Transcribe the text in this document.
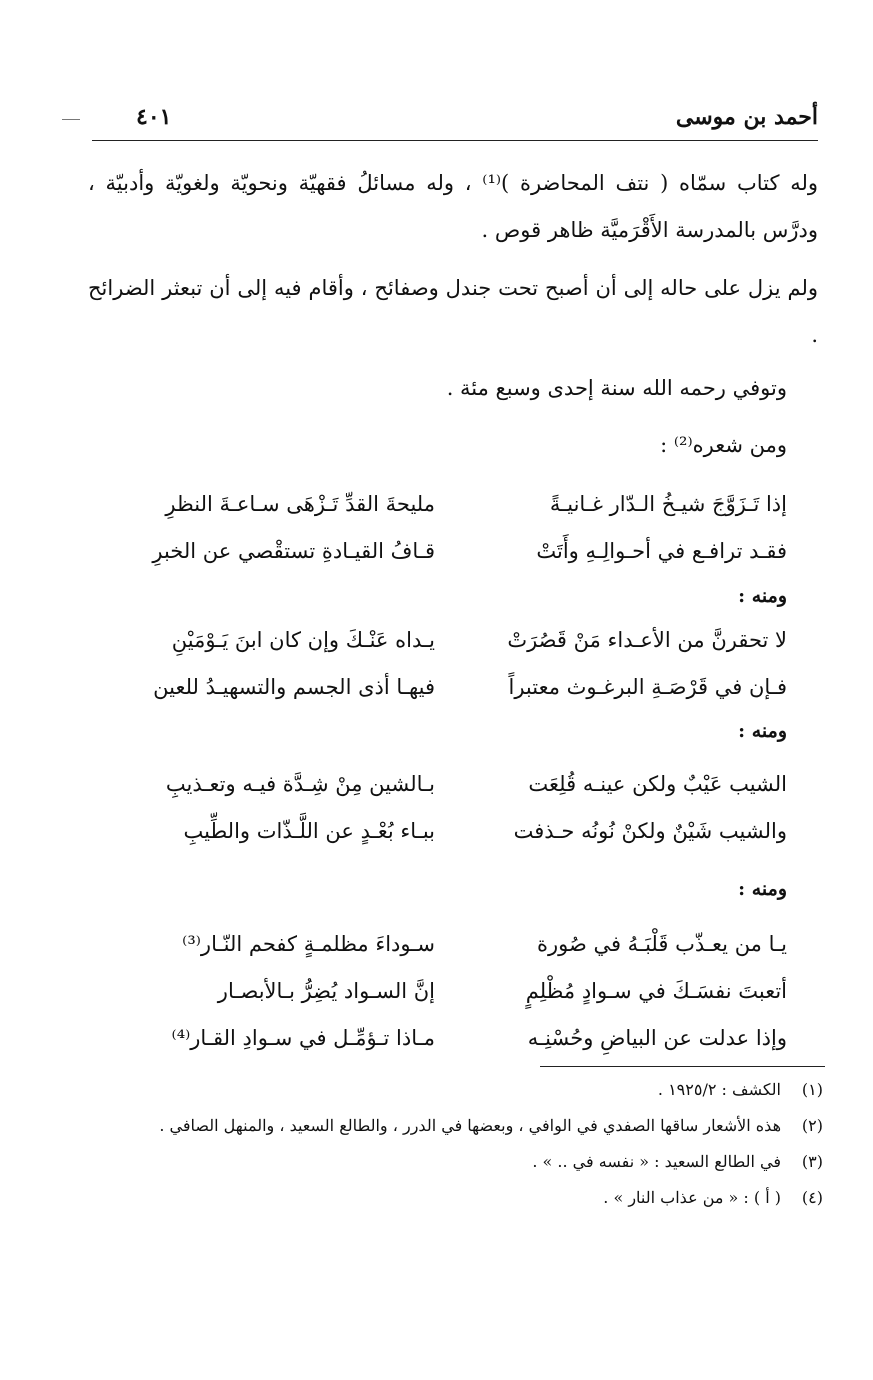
أحمد بن موسى
٤٠١
وله كتاب سمّاه ( نتف المحاضرة )⁽¹⁾ ، وله مسائلُ فقهيّة ونحويّة ولغويّة وأدبيّة ، ودرَّس بالمدرسة الأَقْرَميَّة ظاهر قوص .
ولم يزل على حاله إلى أن أصبح تحت جندل وصفائح ، وأقام فيه إلى أن تبعثر الضرائح .
وتوفي رحمه الله سنة إحدى وسبع مئة .
ومن شعره⁽²⁾ :
إذا تَـزَوَّجَ شيـخُ الـدّار غـانيـةً
مليحةَ القدِّ تَـزْهَى سـاعـةَ النظرِ
فقـد ترافـع في أحـوالِـهِ وأَتَتْ
قـافُ القيـادةِ تستقْصي عن الخبرِ
ومنه :
لا تحقرنَّ من الأعـداء مَنْ قَصُرَتْ
يـداه عَنْـكَ وإن كان ابنَ يَـوْمَيْنِ
فـإن في قَرْصَـةِ البرغـوث معتبراً
فيهـا أذى الجسم والتسهيـدُ للعين
ومنه :
الشيب عَيْبٌ ولكن عينـه قُلِعَت
بـالشين مِنْ شِـدَّة فيـه وتعـذيبِ
والشيب شَيْنٌ ولكنْ نُونُه حـذفت
ببـاء بُعْـدٍ عن اللَّـذّات والطِّيبِ
ومنه :
يـا من يعـذّب قَلْبَـهُ في صُورة
سـوداءَ مظلمـةٍ كفحم النّـار⁽³⁾
أتعبتَ نفسَـكَ في سـوادٍ مُظْلِمٍ
إنَّ السـواد يُضِرُّ بـالأبصـار
وإذا عدلت عن البياضِ وحُسْنِـه
مـاذا تـؤمِّـل في سـوادِ القـار⁽⁴⁾
(١)
الكشف : ١٩٢٥/٢ .
(٢)
هذه الأشعار ساقها الصفدي في الوافي ، وبعضها في الدرر ، والطالع السعيد ، والمنهل الصافي .
(٣)
في الطالع السعيد : « نفسه في .. » .
(٤)
( أ ) : « من عذاب النار » .
